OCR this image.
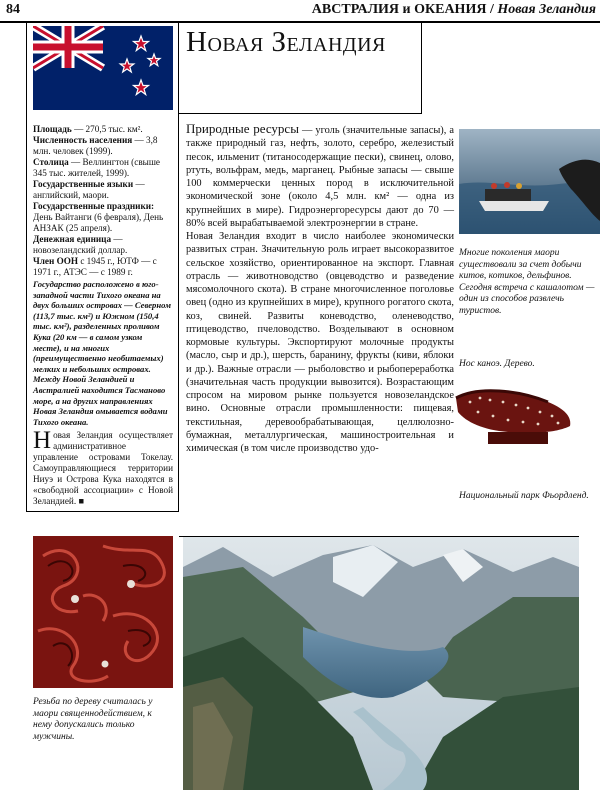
84	АВСТРАЛИЯ и ОКЕАНИЯ / Новая Зеландия
Новая Зеландия
Площадь — 270,5 тыс. км².
Численность населения — 3,8 млн. человек (1999).
Столица — Веллингтон (свыше 345 тыс. жителей, 1999).
Государственные языки — английский, маори.
Государственные праздники: День Вайтанги (6 февраля), День АНЗАК (25 апреля).
Денежная единица — новозеландский доллар.
Член ООН с 1945 г., ЮТФ — с 1971 г., АТЭС — с 1989 г.
Государство расположено в юго-западной части Тихого океана на двух больших островах — Северном (113,7 тыс. км²) и Южном (150,4 тыс. км²), разделенных проливом Кука (20 км — в самом узком месте), и на многих (преимущественно необитаемых) мелких и небольших островах. Между Новой Зеландией и Австралией находится Тасманово море, а на других направлениях Новая Зеландия омывается водами Тихого океана.
Новая Зеландия осуществляет административное управление островами Токелау. Самоуправляющиеся территории Ниуэ и Острова Кука находятся в «свободной ассоциации» с Новой Зеландией. ■
Резьба по дереву считалась у маори священнодействием, к нему допускались только мужчины.

Природные ресурсы — уголь (значительные запасы), а также природный газ, нефть, золото, серебро, железистый песок, ильменит (титаносодержащие пески), свинец, олово, ртуть, вольфрам, медь, марганец. Рыбные запасы — свыше 100 коммерчески ценных пород в исключительной экономической зоне (около 4,5 млн. км² — одна из крупнейших в мире). Гидроэнергоресурсы дают до 70 — 80% всей вырабатываемой электроэнергии в стране.

Новая Зеландия входит в число наиболее экономически развитых стран. Значительную роль играет высокоразвитое сельское хозяйство, ориентированное на экспорт. Главная отрасль — животноводство (овцеводство и разведение мясомолочного скота). В стране многочисленное поголовье овец (одно из крупнейших в мире), крупного рогатого скота, коз, свиней. Развиты коневодство, оленеводство, птицеводство, пчеловодство. Возделывают в основном кормовые культуры. Экспортируют молочные продукты (масло, сыр и др.), шерсть, баранину, фрукты (киви, яблоки и др.). Важные отрасли — рыболовство и рыбопереработка (значительная часть продукции вывозится). Возрастающим спросом на мировом рынке пользуется новозеландское вино. Основные отрасли промышленности: пищевая, текстильная, деревообрабатывающая, целлюлозно-бумажная, металлургическая, машиностроительная и химическая (в том числе производство удо-

Многие поколения маори существовали за счет добычи китов, котиков, дельфинов. Сегодня встреча с кашалотом — один из способов развлечь туристов.
Нос каноэ. Дерево.
Национальный парк Фьордленд.
